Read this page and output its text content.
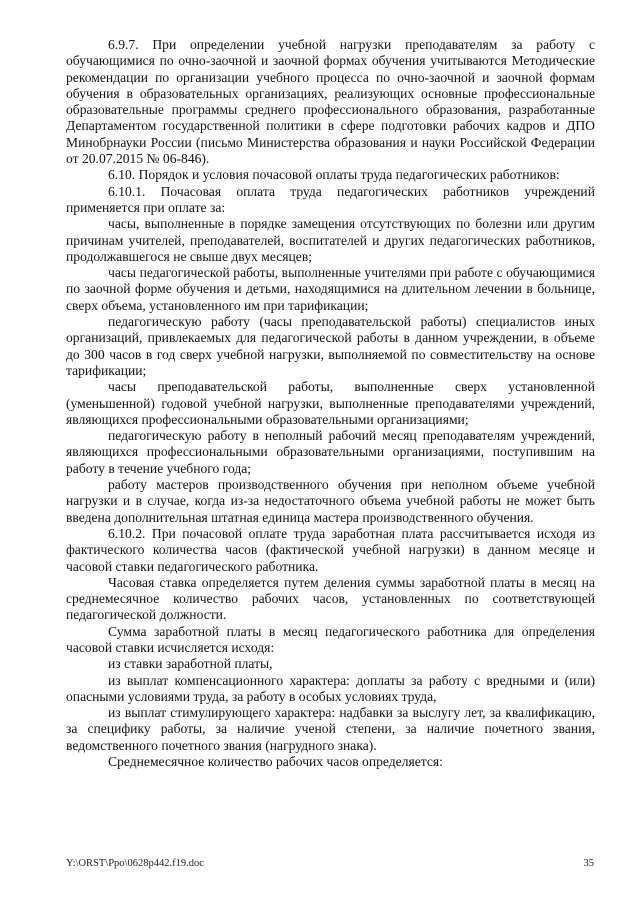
6.9.7. При определении учебной нагрузки преподавателям за работу с обучающимися по очно-заочной и заочной формах обучения учитываются Методические рекомендации по организации учебного процесса по очно-заочной и заочной формам обучения в образовательных организациях, реализующих основные профессиональные образовательные программы среднего профессионального образования, разработанные Департаментом государственной политики в сфере подготовки рабочих кадров и ДПО Минобрнауки России (письмо Министерства образования и науки Российской Федерации от 20.07.2015 № 06-846).

6.10. Порядок и условия почасовой оплаты труда педагогических работников:

6.10.1. Почасовая оплата труда педагогических работников учреждений применяется при оплате за:

часы, выполненные в порядке замещения отсутствующих по болезни или другим причинам учителей, преподавателей, воспитателей и других педагогических работников, продолжавшегося не свыше двух месяцев;

часы педагогической работы, выполненные учителями при работе с обучающимися по заочной форме обучения и детьми, находящимися на длительном лечении в больнице, сверх объема, установленного им при тарификации;

педагогическую работу (часы преподавательской работы) специалистов иных организаций, привлекаемых для педагогической работы в данном учреждении, в объеме до 300 часов в год сверх учебной нагрузки, выполняемой по совместительству на основе тарификации;

часы преподавательской работы, выполненные сверх установленной (уменьшенной) годовой учебной нагрузки, выполненные преподавателями учреждений, являющихся профессиональными образовательными организациями;

педагогическую работу в неполный рабочий месяц преподавателям учреждений, являющихся профессиональными образовательными организациями, поступившим на работу в течение учебного года;

работу мастеров производственного обучения при неполном объеме учебной нагрузки и в случае, когда из-за недостаточного объема учебной работы не может быть введена дополнительная штатная единица мастера производственного обучения.

6.10.2. При почасовой оплате труда заработная плата рассчитывается исходя из фактического количества часов (фактической учебной нагрузки) в данном месяце и часовой ставки педагогического работника.

Часовая ставка определяется путем деления суммы заработной платы в месяц на среднемесячное количество рабочих часов, установленных по соответствующей педагогической должности.

Сумма заработной платы в месяц педагогического работника для определения часовой ставки исчисляется исходя:

из ставки заработной платы,

из выплат компенсационного характера: доплаты за работу с вредными и (или) опасными условиями труда, за работу в особых условиях труда,

из выплат стимулирующего характера: надбавки за выслугу лет, за квалификацию, за специфику работы, за наличие ученой степени, за наличие почетного звания, ведомственного почетного звания (нагрудного знака).

Среднемесячное количество рабочих часов определяется:

Y:\ORST\Ppo\0628p442.f19.doc	35
